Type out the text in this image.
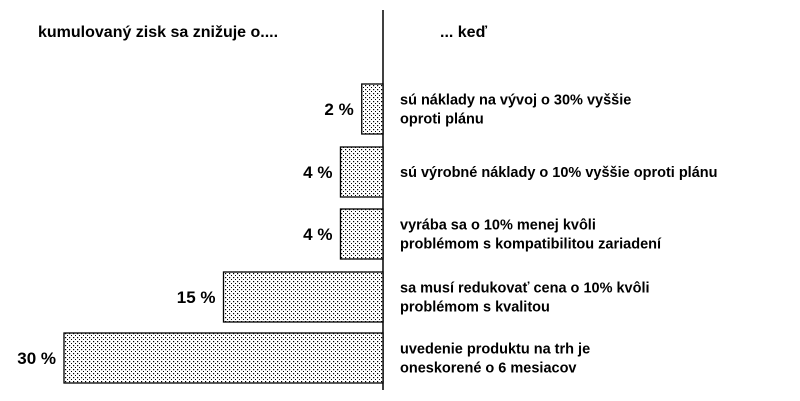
kumulovaný zisk sa znižuje o....	... keď
2 %	sú náklady na vývoj o 30% vyššie oproti plánu
4 %	sú výrobné náklady o 10% vyššie oproti plánu
4 %	vyrába sa o 10% menej kvôli problémom s kompatibilitou zariadení
15 %	sa musí redukovať cena o 10% kvôli problémom s kvalitou
30 %	uvedenie produktu na trh je oneskorené o 6 mesiacov
